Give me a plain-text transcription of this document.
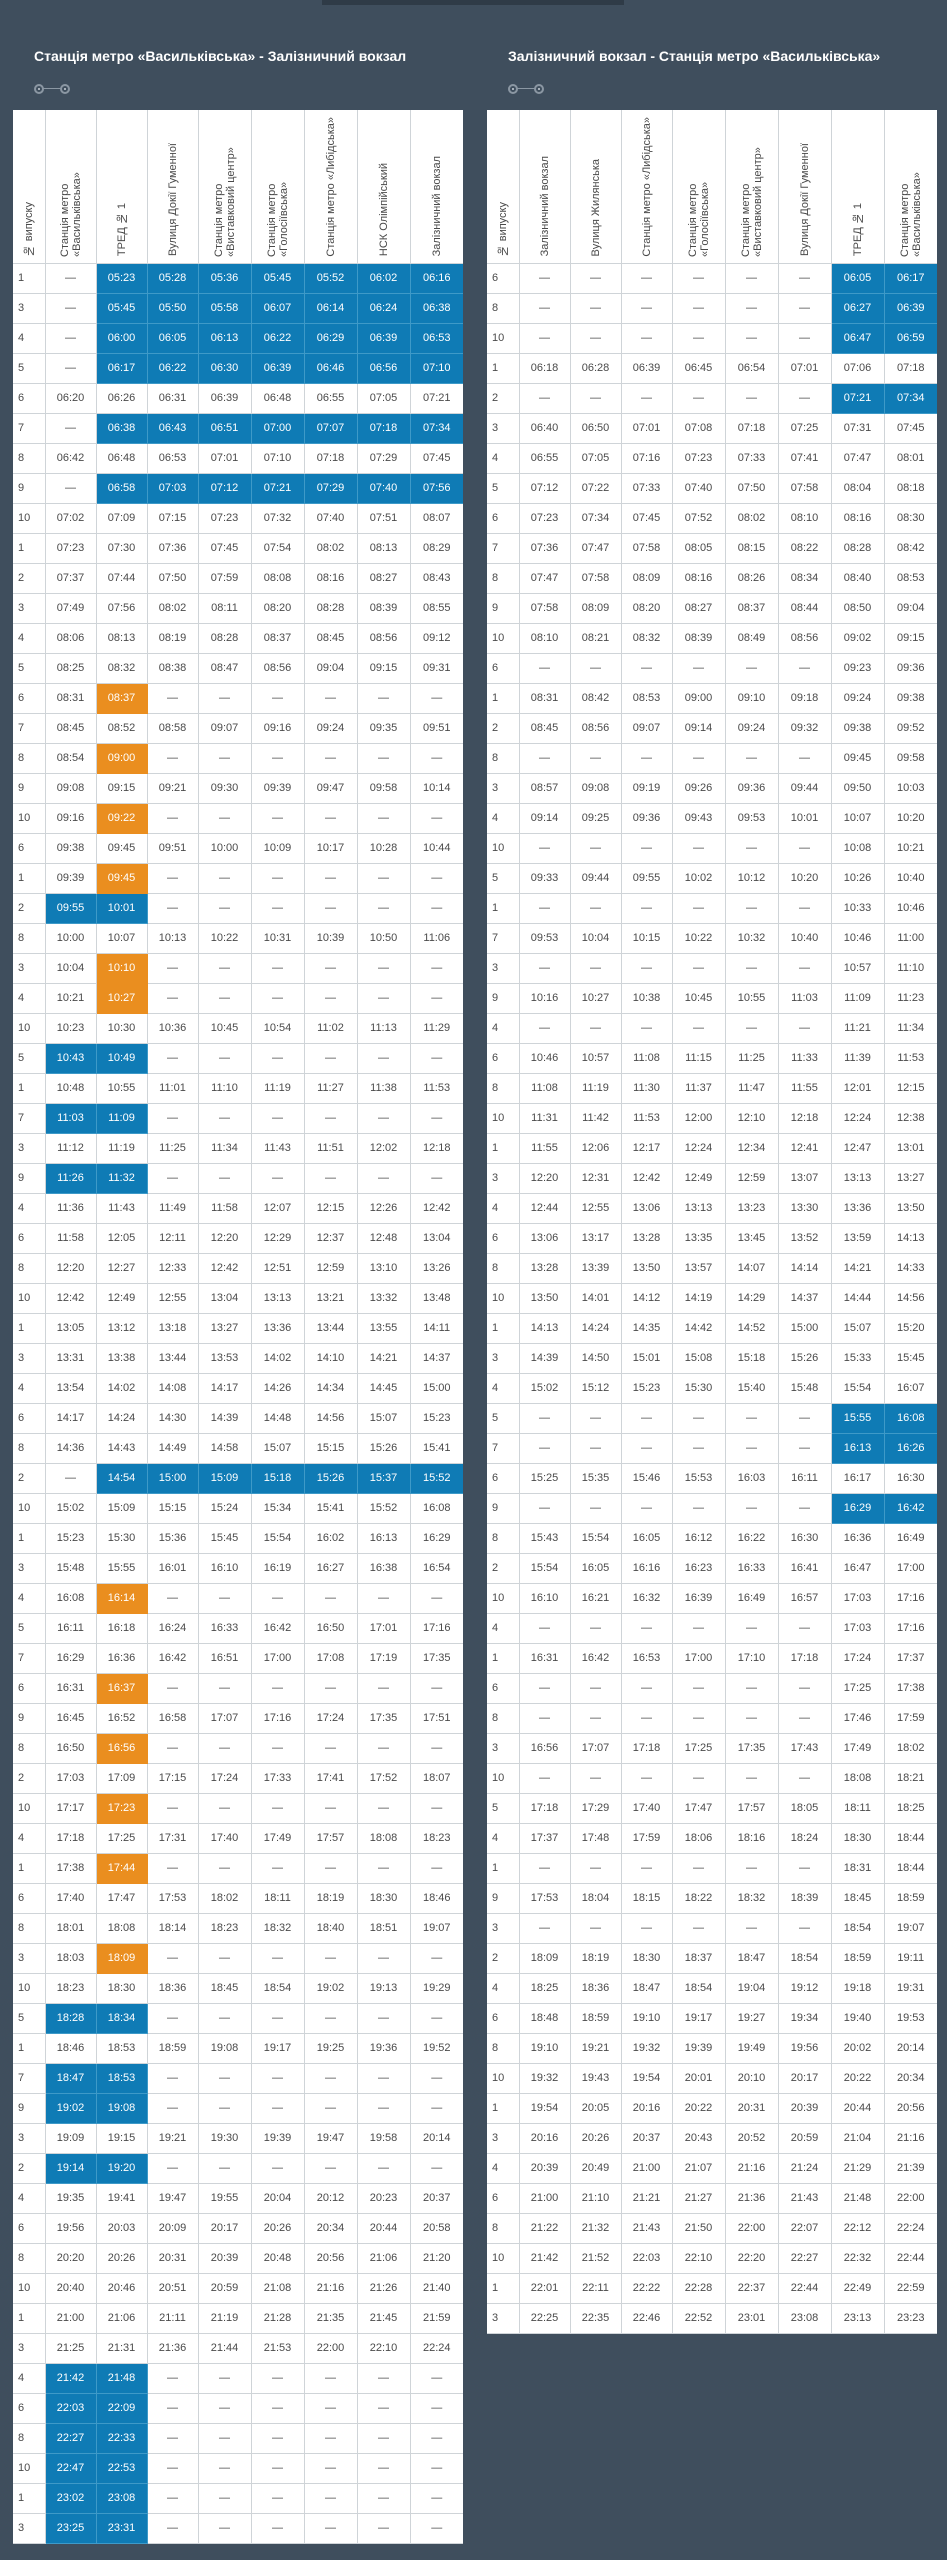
Станція метро «Васильківська» - Залізничний вокзал
№ випуску	Станція метро «Васильківська»	ТРЕД № 1	Вулиця Докії Гуменної	Станція метро «Виставковий центр»	Станція метро «Голосіївська»	Станція метро «Либідська»	НСК Олімпійський	Залізничний вокзал

1	—	05:23	05:28	05:36	05:45	05:52	06:02	06:16
3	—	05:45	05:50	05:58	06:07	06:14	06:24	06:38
4	—	06:00	06:05	06:13	06:22	06:29	06:39	06:53
5	—	06:17	06:22	06:30	06:39	06:46	06:56	07:10
6	06:20	06:26	06:31	06:39	06:48	06:55	07:05	07:21
7	—	06:38	06:43	06:51	07:00	07:07	07:18	07:34
8	06:42	06:48	06:53	07:01	07:10	07:18	07:29	07:45
9	—	06:58	07:03	07:12	07:21	07:29	07:40	07:56
10	07:02	07:09	07:15	07:23	07:32	07:40	07:51	08:07
1	07:23	07:30	07:36	07:45	07:54	08:02	08:13	08:29
2	07:37	07:44	07:50	07:59	08:08	08:16	08:27	08:43
3	07:49	07:56	08:02	08:11	08:20	08:28	08:39	08:55
4	08:06	08:13	08:19	08:28	08:37	08:45	08:56	09:12
5	08:25	08:32	08:38	08:47	08:56	09:04	09:15	09:31
6	08:31	08:37	—	—	—	—	—	—
7	08:45	08:52	08:58	09:07	09:16	09:24	09:35	09:51
8	08:54	09:00	—	—	—	—	—	—
9	09:08	09:15	09:21	09:30	09:39	09:47	09:58	10:14
10	09:16	09:22	—	—	—	—	—	—
6	09:38	09:45	09:51	10:00	10:09	10:17	10:28	10:44
1	09:39	09:45	—	—	—	—	—	—
2	09:55	10:01	—	—	—	—	—	—
8	10:00	10:07	10:13	10:22	10:31	10:39	10:50	11:06
3	10:04	10:10	—	—	—	—	—	—
4	10:21	10:27	—	—	—	—	—	—
10	10:23	10:30	10:36	10:45	10:54	11:02	11:13	11:29
5	10:43	10:49	—	—	—	—	—	—
1	10:48	10:55	11:01	11:10	11:19	11:27	11:38	11:53
7	11:03	11:09	—	—	—	—	—	—
3	11:12	11:19	11:25	11:34	11:43	11:51	12:02	12:18
9	11:26	11:32	—	—	—	—	—	—
4	11:36	11:43	11:49	11:58	12:07	12:15	12:26	12:42
6	11:58	12:05	12:11	12:20	12:29	12:37	12:48	13:04
8	12:20	12:27	12:33	12:42	12:51	12:59	13:10	13:26
10	12:42	12:49	12:55	13:04	13:13	13:21	13:32	13:48
1	13:05	13:12	13:18	13:27	13:36	13:44	13:55	14:11
3	13:31	13:38	13:44	13:53	14:02	14:10	14:21	14:37
4	13:54	14:02	14:08	14:17	14:26	14:34	14:45	15:00
6	14:17	14:24	14:30	14:39	14:48	14:56	15:07	15:23
8	14:36	14:43	14:49	14:58	15:07	15:15	15:26	15:41
2	—	14:54	15:00	15:09	15:18	15:26	15:37	15:52
10	15:02	15:09	15:15	15:24	15:34	15:41	15:52	16:08
1	15:23	15:30	15:36	15:45	15:54	16:02	16:13	16:29
3	15:48	15:55	16:01	16:10	16:19	16:27	16:38	16:54
4	16:08	16:14	—	—	—	—	—	—
5	16:11	16:18	16:24	16:33	16:42	16:50	17:01	17:16
7	16:29	16:36	16:42	16:51	17:00	17:08	17:19	17:35
6	16:31	16:37	—	—	—	—	—	—
9	16:45	16:52	16:58	17:07	17:16	17:24	17:35	17:51
8	16:50	16:56	—	—	—	—	—	—
2	17:03	17:09	17:15	17:24	17:33	17:41	17:52	18:07
10	17:17	17:23	—	—	—	—	—	—
4	17:18	17:25	17:31	17:40	17:49	17:57	18:08	18:23
1	17:38	17:44	—	—	—	—	—	—
6	17:40	17:47	17:53	18:02	18:11	18:19	18:30	18:46
8	18:01	18:08	18:14	18:23	18:32	18:40	18:51	19:07
3	18:03	18:09	—	—	—	—	—	—
10	18:23	18:30	18:36	18:45	18:54	19:02	19:13	19:29
5	18:28	18:34	—	—	—	—	—	—
1	18:46	18:53	18:59	19:08	19:17	19:25	19:36	19:52
7	18:47	18:53	—	—	—	—	—	—
9	19:02	19:08	—	—	—	—	—	—
3	19:09	19:15	19:21	19:30	19:39	19:47	19:58	20:14
2	19:14	19:20	—	—	—	—	—	—
4	19:35	19:41	19:47	19:55	20:04	20:12	20:23	20:37
6	19:56	20:03	20:09	20:17	20:26	20:34	20:44	20:58
8	20:20	20:26	20:31	20:39	20:48	20:56	21:06	21:20
10	20:40	20:46	20:51	20:59	21:08	21:16	21:26	21:40
1	21:00	21:06	21:11	21:19	21:28	21:35	21:45	21:59
3	21:25	21:31	21:36	21:44	21:53	22:00	22:10	22:24
4	21:42	21:48	—	—	—	—	—	—
6	22:03	22:09	—	—	—	—	—	—
8	22:27	22:33	—	—	—	—	—	—
10	22:47	22:53	—	—	—	—	—	—
1	23:02	23:08	—	—	—	—	—	—
3	23:25	23:31	—	—	—	—	—	—
Залізничний вокзал - Станція метро «Васильківська»
№ випуску	Залізничний вокзал	Вулиця Жилянська	Станція метро «Либідська»	Станція метро «Голосіївська»	Станція метро «Виставковий центр»	Вулиця Докії Гуменної	ТРЕД № 1	Станція метро «Васильківська»

6	—	—	—	—	—	—	06:05	06:17
8	—	—	—	—	—	—	06:27	06:39
10	—	—	—	—	—	—	06:47	06:59
1	06:18	06:28	06:39	06:45	06:54	07:01	07:06	07:18
2	—	—	—	—	—	—	07:21	07:34
3	06:40	06:50	07:01	07:08	07:18	07:25	07:31	07:45
4	06:55	07:05	07:16	07:23	07:33	07:41	07:47	08:01
5	07:12	07:22	07:33	07:40	07:50	07:58	08:04	08:18
6	07:23	07:34	07:45	07:52	08:02	08:10	08:16	08:30
7	07:36	07:47	07:58	08:05	08:15	08:22	08:28	08:42
8	07:47	07:58	08:09	08:16	08:26	08:34	08:40	08:53
9	07:58	08:09	08:20	08:27	08:37	08:44	08:50	09:04
10	08:10	08:21	08:32	08:39	08:49	08:56	09:02	09:15
6	—	—	—	—	—	—	09:23	09:36
1	08:31	08:42	08:53	09:00	09:10	09:18	09:24	09:38
2	08:45	08:56	09:07	09:14	09:24	09:32	09:38	09:52
8	—	—	—	—	—	—	09:45	09:58
3	08:57	09:08	09:19	09:26	09:36	09:44	09:50	10:03
4	09:14	09:25	09:36	09:43	09:53	10:01	10:07	10:20
10	—	—	—	—	—	—	10:08	10:21
5	09:33	09:44	09:55	10:02	10:12	10:20	10:26	10:40
1	—	—	—	—	—	—	10:33	10:46
7	09:53	10:04	10:15	10:22	10:32	10:40	10:46	11:00
3	—	—	—	—	—	—	10:57	11:10
9	10:16	10:27	10:38	10:45	10:55	11:03	11:09	11:23
4	—	—	—	—	—	—	11:21	11:34
6	10:46	10:57	11:08	11:15	11:25	11:33	11:39	11:53
8	11:08	11:19	11:30	11:37	11:47	11:55	12:01	12:15
10	11:31	11:42	11:53	12:00	12:10	12:18	12:24	12:38
1	11:55	12:06	12:17	12:24	12:34	12:41	12:47	13:01
3	12:20	12:31	12:42	12:49	12:59	13:07	13:13	13:27
4	12:44	12:55	13:06	13:13	13:23	13:30	13:36	13:50
6	13:06	13:17	13:28	13:35	13:45	13:52	13:59	14:13
8	13:28	13:39	13:50	13:57	14:07	14:14	14:21	14:33
10	13:50	14:01	14:12	14:19	14:29	14:37	14:44	14:56
1	14:13	14:24	14:35	14:42	14:52	15:00	15:07	15:20
3	14:39	14:50	15:01	15:08	15:18	15:26	15:33	15:45
4	15:02	15:12	15:23	15:30	15:40	15:48	15:54	16:07
5	—	—	—	—	—	—	15:55	16:08
7	—	—	—	—	—	—	16:13	16:26
6	15:25	15:35	15:46	15:53	16:03	16:11	16:17	16:30
9	—	—	—	—	—	—	16:29	16:42
8	15:43	15:54	16:05	16:12	16:22	16:30	16:36	16:49
2	15:54	16:05	16:16	16:23	16:33	16:41	16:47	17:00
10	16:10	16:21	16:32	16:39	16:49	16:57	17:03	17:16
4	—	—	—	—	—	—	17:03	17:16
1	16:31	16:42	16:53	17:00	17:10	17:18	17:24	17:37
6	—	—	—	—	—	—	17:25	17:38
8	—	—	—	—	—	—	17:46	17:59
3	16:56	17:07	17:18	17:25	17:35	17:43	17:49	18:02
10	—	—	—	—	—	—	18:08	18:21
5	17:18	17:29	17:40	17:47	17:57	18:05	18:11	18:25
4	17:37	17:48	17:59	18:06	18:16	18:24	18:30	18:44
1	—	—	—	—	—	—	18:31	18:44
9	17:53	18:04	18:15	18:22	18:32	18:39	18:45	18:59
3	—	—	—	—	—	—	18:54	19:07
2	18:09	18:19	18:30	18:37	18:47	18:54	18:59	19:11
4	18:25	18:36	18:47	18:54	19:04	19:12	19:18	19:31
6	18:48	18:59	19:10	19:17	19:27	19:34	19:40	19:53
8	19:10	19:21	19:32	19:39	19:49	19:56	20:02	20:14
10	19:32	19:43	19:54	20:01	20:10	20:17	20:22	20:34
1	19:54	20:05	20:16	20:22	20:31	20:39	20:44	20:56
3	20:16	20:26	20:37	20:43	20:52	20:59	21:04	21:16
4	20:39	20:49	21:00	21:07	21:16	21:24	21:29	21:39
6	21:00	21:10	21:21	21:27	21:36	21:43	21:48	22:00
8	21:22	21:32	21:43	21:50	22:00	22:07	22:12	22:24
10	21:42	21:52	22:03	22:10	22:20	22:27	22:32	22:44
1	22:01	22:11	22:22	22:28	22:37	22:44	22:49	22:59
3	22:25	22:35	22:46	22:52	23:01	23:08	23:13	23:23
